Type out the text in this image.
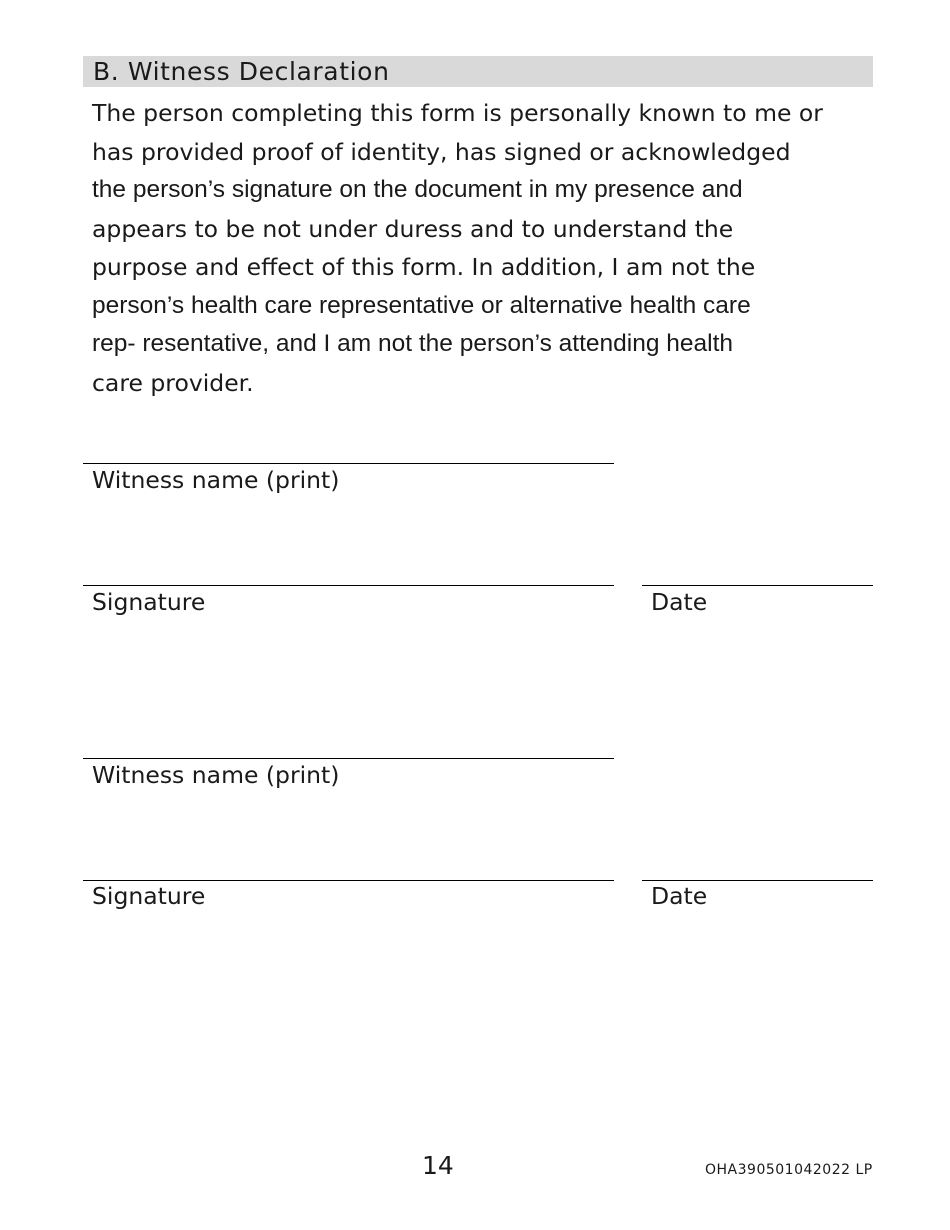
B. Witness Declaration
The person completing this form is personally known to me or
has provided proof of identity, has signed or acknowledged
the person’s signature on the document in my presence and
appears to be not under duress and to understand the
purpose and effect of this form. In addition, I am not the
person’s health care representative or alternative health care
rep- resentative, and I am not the person’s attending health
care provider.
Witness name (print)
Signature	Date
Witness name (print)
Signature	Date
14	OHA390501042022 LP
